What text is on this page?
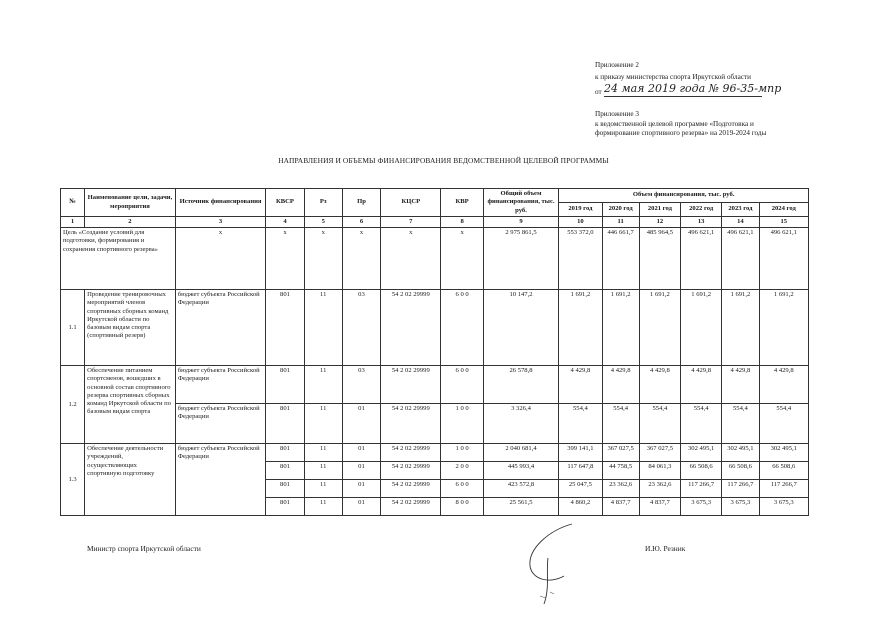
Приложение 2
к приказу министерства спорта Иркутской области
от 24 мая 2019 года № 96-35-мпр
Приложение 3
к ведомственной целевой программе «Подготовка и
формирование спортивного резерва» на 2019-2024 годы
НАПРАВЛЕНИЯ И ОБЪЕМЫ ФИНАНСИРОВАНИЯ ВЕДОМСТВЕННОЙ ЦЕЛЕВОЙ ПРОГРАММЫ
№	Наименование цели, задачи, мероприятия	Источник финансирования	КВСР	Рз	Пр	КЦСР	КВР	Общий объем финансирования, тыс. руб.	Объем финансирования, тыс. руб.					
									2019 год	2020 год	2021 год	2022 год	2023 год	2024 год
1	2	3	4	5	6	7	8	9	10	11	12	13	14	15
Цель «Создание условий для подготовки, формирования и сохранения спортивного резерва»		х	х	х	х	х	х	2 975 861,5	553 372,0	446 661,7	485 964,5	496 621,1	496 621,1	496 621,1
1.1	Проведение тренировочных мероприятий членов спортивных сборных команд Иркутской области по базовым видам спорта (спортивный резерв)	бюджет субъекта Российской Федерации	801	11	03	54 2 02 29999	6 0 0	10 147,2	1 691,2	1 691,2	1 691,2	1 691,2	1 691,2	1 691,2
1.2	Обеспечение питанием спортсменов, вошедших в основной состав спортивного резерва спортивных сборных команд Иркутской области по базовым видам спорта	бюджет субъекта Российской Федерации	801	11	03	54 2 02 29999	6 0 0	26 578,8	4 429,8	4 429,8	4 429,8	4 429,8	4 429,8	4 429,8
		бюджет субъекта Российской Федерации	801	11	01	54 2 02 29999	1 0 0	3 326,4	554,4	554,4	554,4	554,4	554,4	554,4
1.3	Обеспечение деятельности учреждений, осуществляющих спортивную подготовку	бюджет субъекта Российской Федерации	801	11	01	54 2 02 29999	1 0 0	2 040 681,4	399 141,1	367 027,5	367 027,5	302 495,1	302 495,1	302 495,1
			801	11	01	54 2 02 29999	2 0 0	445 993,4	117 647,8	44 758,5	84 061,3	66 508,6	66 508,6	66 508,6
			801	11	01	54 2 02 29999	6 0 0	423 572,8	25 047,5	23 362,6	23 362,6	117 266,7	117 266,7	117 266,7
			801	11	01	54 2 02 29999	8 0 0	25 561,5	4 860,2	4 837,7	4 837,7	3 675,3	3 675,3	3 675,3
Министр спорта Иркутской области	И.Ю. Резник
